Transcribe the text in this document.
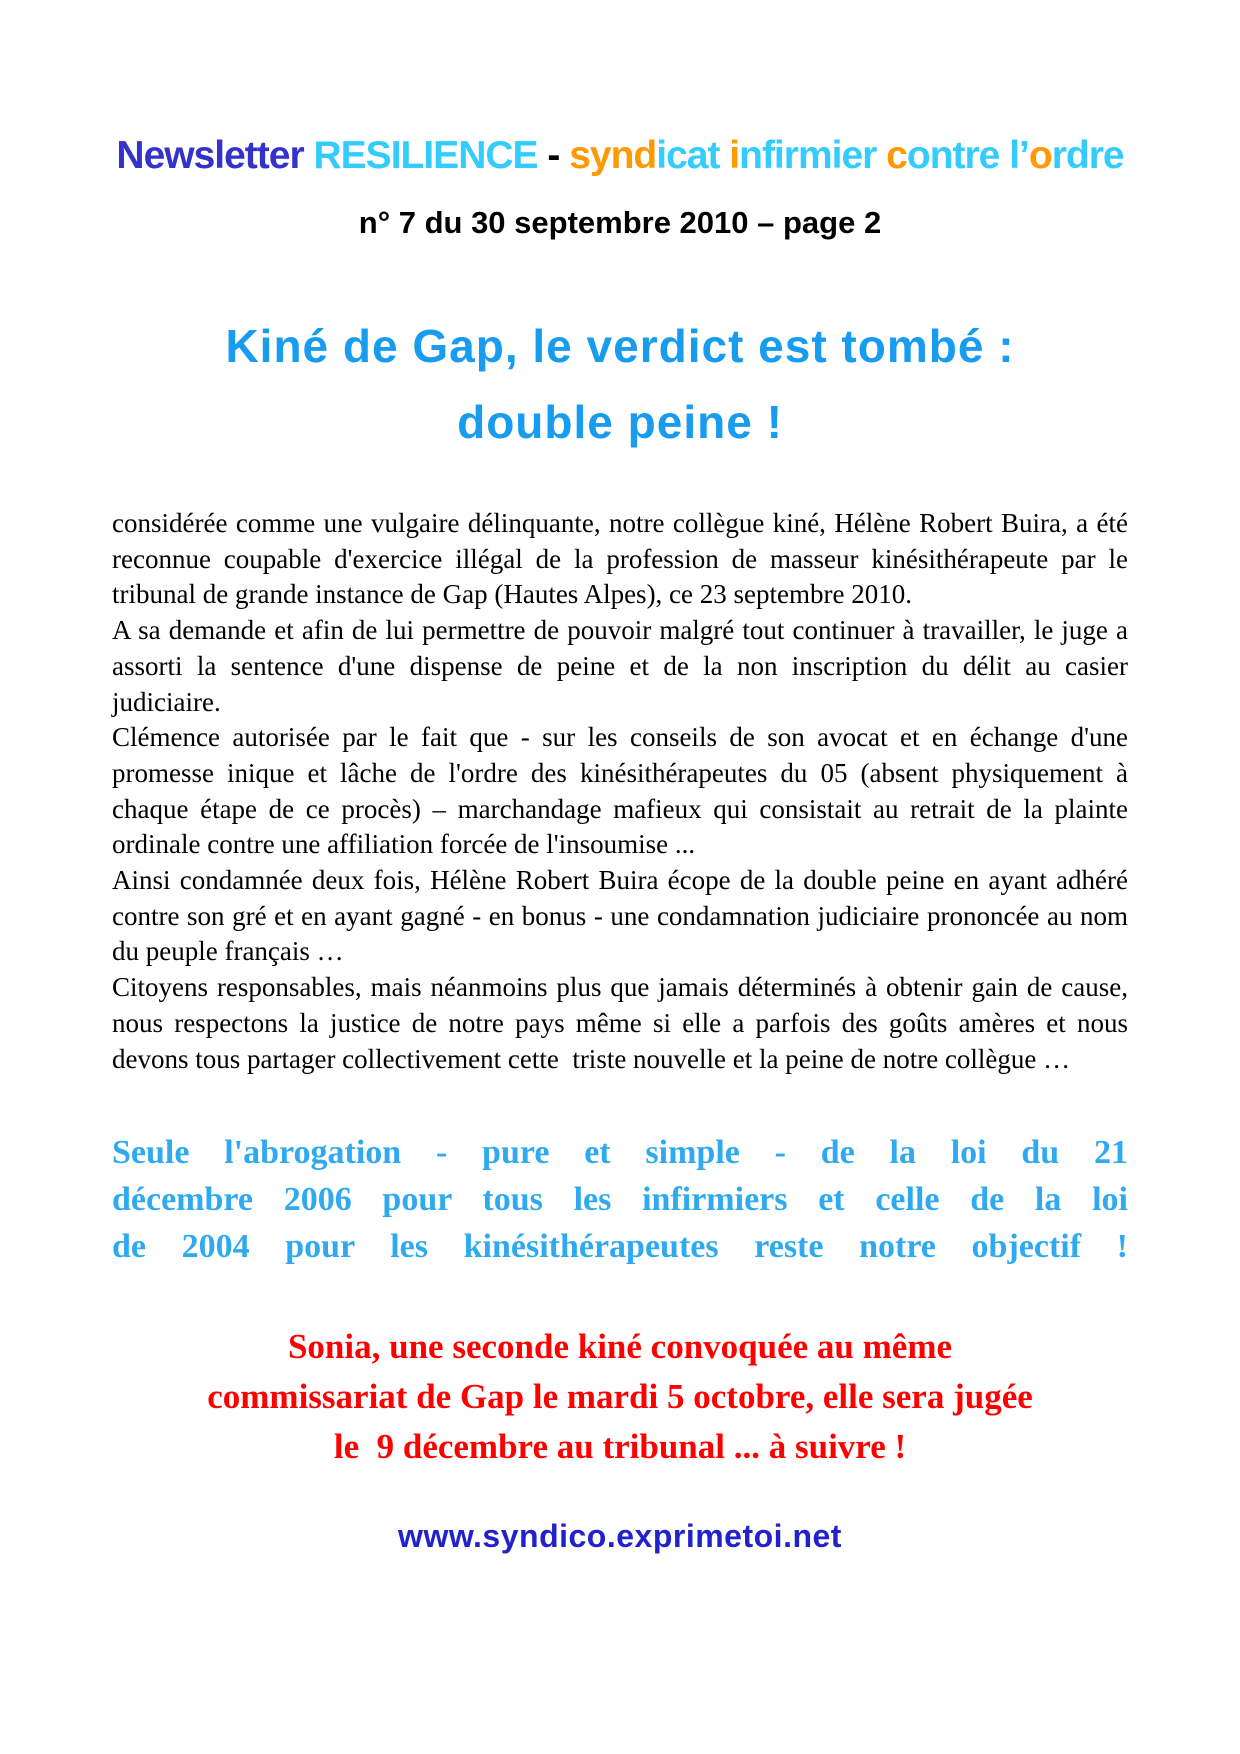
Newsletter RESILIENCE - syndicat infirmier contre l’ordre
n° 7 du 30 septembre 2010 – page 2
Kiné de Gap, le verdict est tombé :
double peine !

considérée comme une vulgaire délinquante, notre collègue kiné, Hélène Robert Buira, a été reconnue coupable d'exercice illégal de la profession de masseur kinésithérapeute par le tribunal de grande instance de Gap (Hautes Alpes), ce 23 septembre 2010.

A sa demande et afin de lui permettre de pouvoir malgré tout continuer à travailler, le juge a assorti la sentence d'une dispense de peine et de la non inscription du délit au casier judiciaire.

Clémence autorisée par le fait que - sur les conseils de son avocat et en échange d'une promesse inique et lâche de l'ordre des kinésithérapeutes du 05 (absent physiquement à chaque étape de ce procès) – marchandage mafieux qui consistait au retrait de la plainte ordinale contre une affiliation forcée de l'insoumise ...

Ainsi condamnée deux fois, Hélène Robert Buira écope de la double peine en ayant adhéré contre son gré et en ayant gagné - en bonus - une condamnation judiciaire prononcée au nom du peuple français …

Citoyens responsables, mais néanmoins plus que jamais déterminés à obtenir gain de cause, nous respectons la justice de notre pays même si elle a parfois des goûts amères et nous devons tous partager collectivement cette  triste nouvelle et la peine de notre collègue …

Seule l'abrogation - pure et simple - de la loi du 21
décembre 2006 pour tous les infirmiers et celle de la loi
de 2004 pour les kinésithérapeutes reste notre objectif !
Sonia, une seconde kiné convoquée au même
commissariat de Gap le mardi 5 octobre, elle sera jugée
le  9 décembre au tribunal ... à suivre !
www.syndico.exprimetoi.net
